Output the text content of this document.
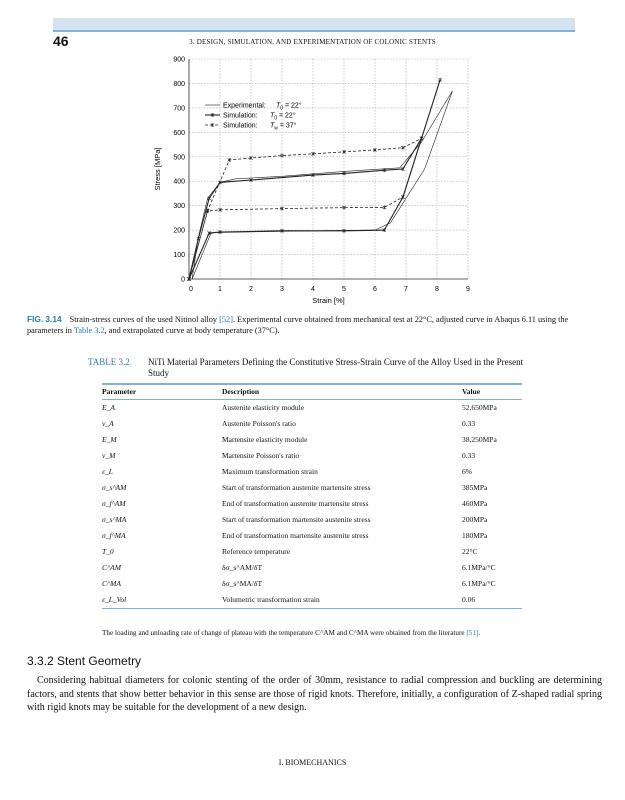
46	3. DESIGN, SIMULATION, AND EXPERIMENTATION OF COLONIC STENTS
0	1	2	3	4	5	6	7	8	9
0
100
200
300
400
500
600
700
800
900
Strain [%]
Stress [MPa]
Experimental: $T_0 = 22^\circ$
Simulation: $T_0 = 22^\circ$
Simulation: $T_w = 37^\circ$
FIG. 3.14 Strain-stress curves of the used Nitinol alloy [52]. Experimental curve obtained from mechanical test at 22°C, adjusted curve in Abaqus 6.11 using the parameters in Table 3.2, and extrapolated curve at body temperature (37°C).
TABLE 3.2	NiTi Material Parameters Defining the Constitutive Stress-Strain Curve of the Alloy Used in the Present Study
Parameter	Description	Value
E_A	Austenite elasticity module	52,650MPa
ν_A	Austenite Poisson's ratio	0.33
E_M	Martensite elasticity module	38,250MPa
ν_M	Martensite Poisson's ratio	0.33
ε_L	Maximum transformation strain	6%
σ_s^AM	Start of transformation austenite martensite stress	385MPa
σ_f^AM	End of transformation austenite martensite stress	460MPa
σ_s^MA	Start of transformation martensite austenite stress	200MPa
σ_f^MA	End of transformation martensite austenite stress	180MPa
T_0	Reference temperature	22°C
C^AM	δσ_s^AM/δT	6.1MPa/°C
C^MA	δσ_s^MA/δT	6.1MPa/°C
ε_L_Vol	Volumetric transformation strain	0.06
The loading and unloading rate of change of plateau with the temperature C^AM and C^MA were obtained from the literature [51].
3.3.2 Stent Geometry
Considering habitual diameters for colonic stenting of the order of 30mm, resistance to radial compression and buckling are determining factors, and stents that show better behavior in this sense are those of rigid knots. Therefore, initially, a configuration of Z-shaped radial spring with rigid knots may be suitable for the development of a new design.
I. BIOMECHANICS
